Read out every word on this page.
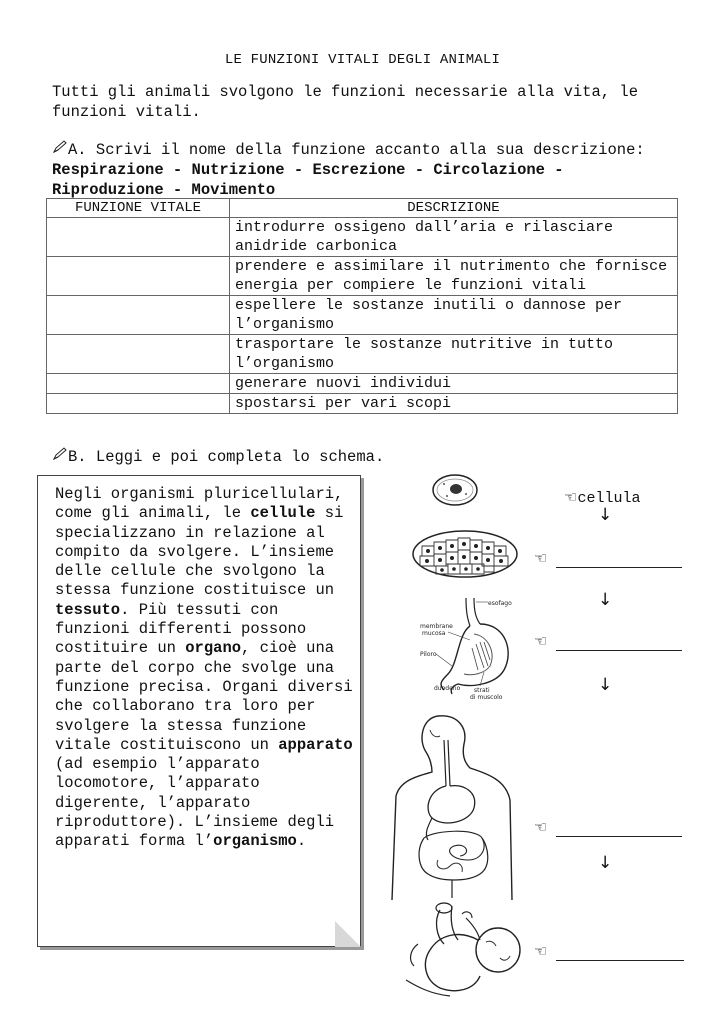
LE FUNZIONI VITALI DEGLI ANIMALI
Tutti gli animali svolgono le funzioni necessarie alla vita, le funzioni vitali.
A. Scrivi il nome della funzione accanto alla sua descrizione: Respirazione - Nutrizione - Escrezione - Circolazione - Riproduzione - Movimento
FUNZIONE VITALE	DESCRIZIONE
	introdurre ossigeno dall’aria e rilasciare anidride carbonica
	prendere e assimilare il nutrimento che fornisce energia per compiere le funzioni vitali
	espellere le sostanze inutili o dannose per l’organismo
	trasportare le sostanze nutritive in tutto l’organismo
	generare nuovi individui
	spostarsi per vari scopi
B. Leggi e poi completa lo schema.
Negli organismi pluricellulari, come gli animali, le cellule si specializzano in relazione al compito da svolgere. L’insieme delle cellule che svolgono la stessa funzione costituisce un tessuto. Più tessuti con funzioni differenti possono costituire un organo, cioè una parte del corpo che svolge una funzione precisa. Organi diversi che collaborano tra loro per svolgere la stessa funzione vitale costituiscono un apparato (ad esempio l’apparato locomotore, l’apparato digerente, l’apparato riproduttore). L’insieme degli apparati forma l’organismo.
esofago
membrane
mucosa
Piloro
duodeno strati
di muscolo
☜cellula
↓
☜
↓
☜
↓
☜
↓
☜
